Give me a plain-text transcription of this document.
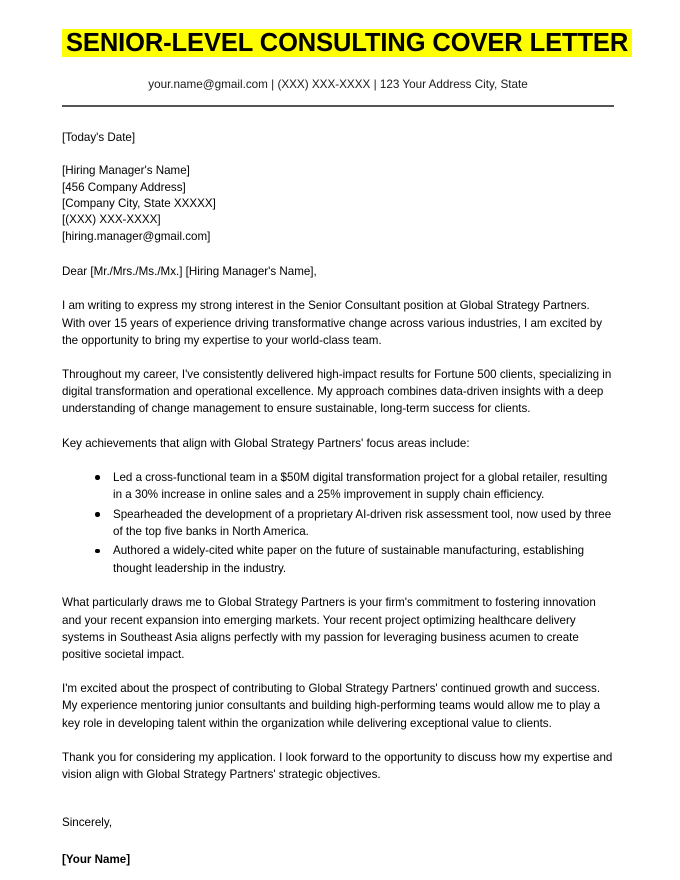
SENIOR-LEVEL CONSULTING COVER LETTER
your.name@gmail.com | (XXX) XXX-XXXX | 123 Your Address City, State
[Today's Date]
[Hiring Manager's Name]
[456 Company Address]
[Company City, State XXXXX]
[(XXX) XXX-XXXX]
[hiring.manager@gmail.com]
Dear [Mr./Mrs./Ms./Mx.] [Hiring Manager's Name],

I am writing to express my strong interest in the Senior Consultant position at Global Strategy Partners. With over 15 years of experience driving transformative change across various industries, I am excited by the opportunity to bring my expertise to your world-class team.

Throughout my career, I've consistently delivered high-impact results for Fortune 500 clients, specializing in digital transformation and operational excellence. My approach combines data-driven insights with a deep understanding of change management to ensure sustainable, long-term success for clients.

Key achievements that align with Global Strategy Partners' focus areas include:

Led a cross-functional team in a $50M digital transformation project for a global retailer, resulting in a 30% increase in online sales and a 25% improvement in supply chain efficiency.
Spearheaded the development of a proprietary AI-driven risk assessment tool, now used by three of the top five banks in North America.
Authored a widely-cited white paper on the future of sustainable manufacturing, establishing thought leadership in the industry.

What particularly draws me to Global Strategy Partners is your firm's commitment to fostering innovation and your recent expansion into emerging markets. Your recent project optimizing healthcare delivery systems in Southeast Asia aligns perfectly with my passion for leveraging business acumen to create positive societal impact.

I'm excited about the prospect of contributing to Global Strategy Partners' continued growth and success. My experience mentoring junior consultants and building high-performing teams would allow me to play a key role in developing talent within the organization while delivering exceptional value to clients.

Thank you for considering my application. I look forward to the opportunity to discuss how my expertise and vision align with Global Strategy Partners' strategic objectives.

Sincerely,
[Your Name]
